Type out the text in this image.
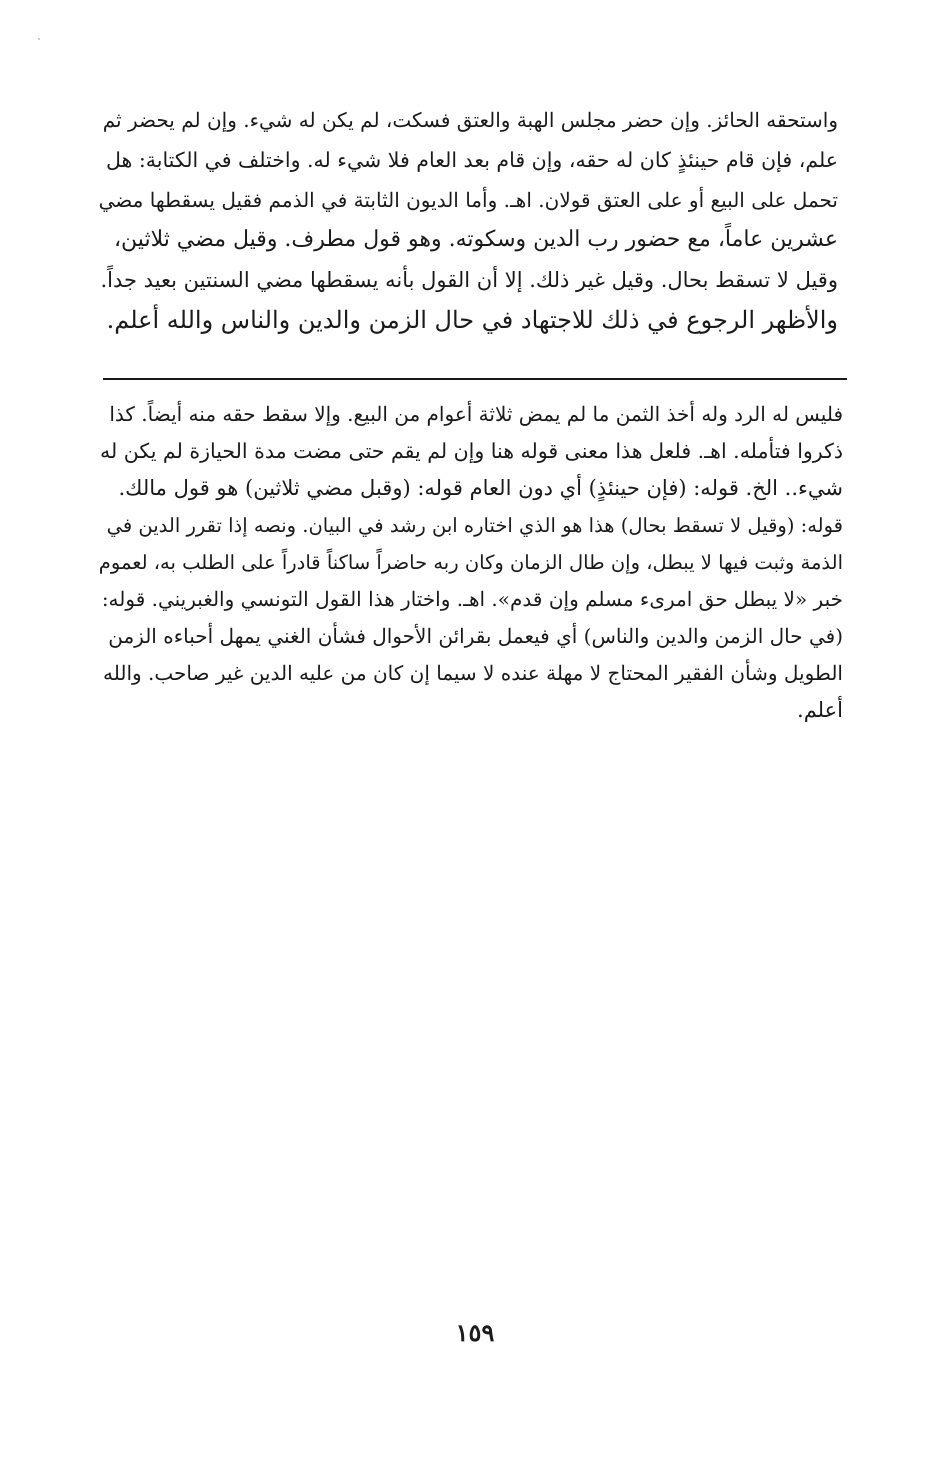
واستحقه الحائز. وإن حضر مجلس الهبة والعتق فسكت، لم يكن له شيء. وإن لم يحضر ثم
علم، فإن قام حينئذٍ كان له حقه، وإن قام بعد العام فلا شيء له. واختلف في الكتابة: هل
تحمل على البيع أو على العتق قولان. اهـ. وأما الديون الثابتة في الذمم فقيل يسقطها مضي
عشرين عاماً، مع حضور رب الدين وسكوته. وهو قول مطرف. وقيل مضي ثلاثين،
وقيل لا تسقط بحال. وقيل غير ذلك. إلا أن القول بأنه يسقطها مضي السنتين بعيد جداً.
والأظهر الرجوع في ذلك للاجتهاد في حال الزمن والدين والناس والله أعلم.
فليس له الرد وله أخذ الثمن ما لم يمض ثلاثة أعوام من البيع. وإلا سقط حقه منه أيضاً. كذا
ذكروا فتأمله. اهـ. فلعل هذا معنى قوله هنا وإن لم يقم حتى مضت مدة الحيازة لم يكن له
شيء.. الخ. قوله: (فإن حينئذٍ) أي دون العام قوله: (وقبل مضي ثلاثين) هو قول مالك.
قوله: (وقيل لا تسقط بحال) هذا هو الذي اختاره ابن رشد في البيان. ونصه إذا تقرر الدين في
الذمة وثبت فيها لا يبطل، وإن طال الزمان وكان ربه حاضراً ساكناً قادراً على الطلب به، لعموم
خبر «لا يبطل حق امرىء مسلم وإن قدم». اهـ. واختار هذا القول التونسي والغبريني. قوله:
(في حال الزمن والدين والناس) أي فيعمل بقرائن الأحوال فشأن الغني يمهل أحباءه الزمن
الطويل وشأن الفقير المحتاج لا مهلة عنده لا سيما إن كان من عليه الدين غير صاحب. والله
أعلم.
١٥٩
